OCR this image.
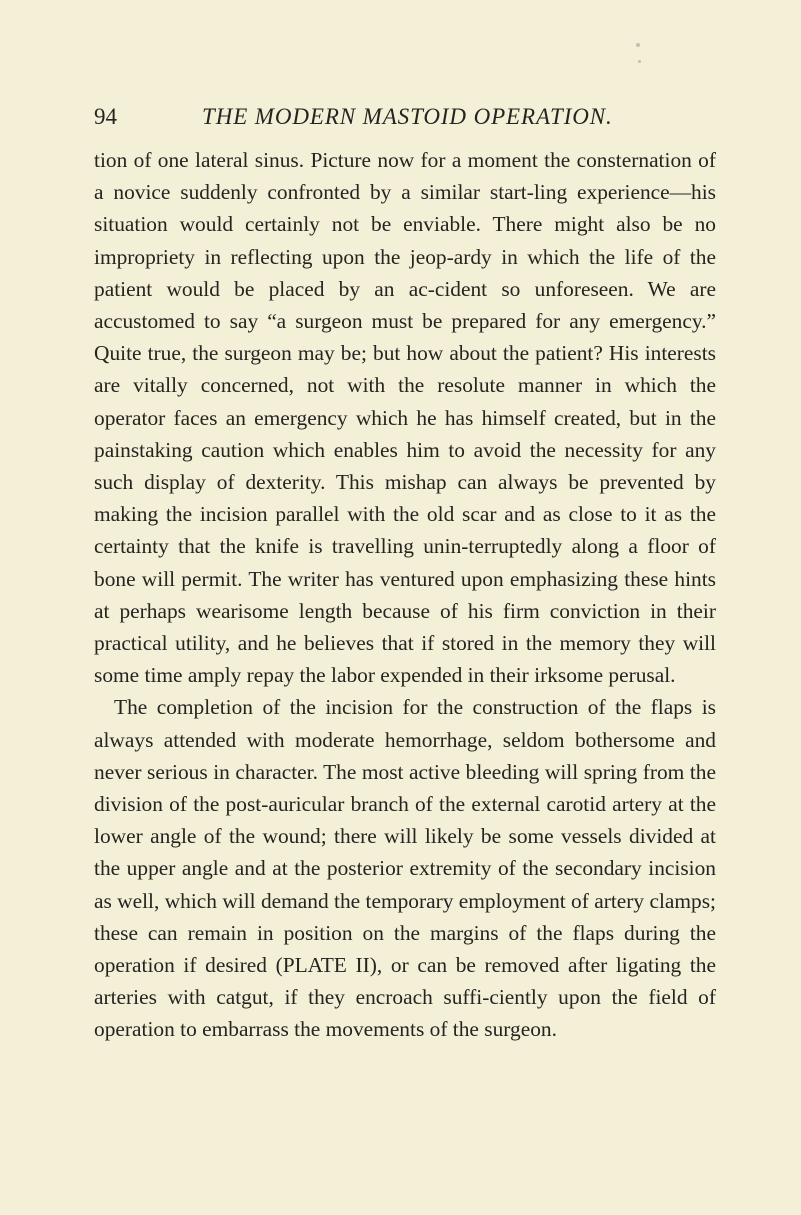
94	THE MODERN MASTOID OPERATION.

tion of one lateral sinus. Picture now for a moment the consternation of a novice suddenly confronted by a similar start-ling experience—his situation would certainly not be enviable. There might also be no impropriety in reflecting upon the jeop-ardy in which the life of the patient would be placed by an ac-cident so unforeseen. We are accustomed to say “a surgeon must be prepared for any emergency.” Quite true, the surgeon may be; but how about the patient? His interests are vitally concerned, not with the resolute manner in which the operator faces an emergency which he has himself created, but in the painstaking caution which enables him to avoid the necessity for any such display of dexterity. This mishap can always be prevented by making the incision parallel with the old scar and as close to it as the certainty that the knife is travelling unin-terruptedly along a floor of bone will permit. The writer has ventured upon emphasizing these hints at perhaps wearisome length because of his firm conviction in their practical utility, and he believes that if stored in the memory they will some time amply repay the labor expended in their irksome perusal.

The completion of the incision for the construction of the flaps is always attended with moderate hemorrhage, seldom bothersome and never serious in character. The most active bleeding will spring from the division of the post-auricular branch of the external carotid artery at the lower angle of the wound; there will likely be some vessels divided at the upper angle and at the posterior extremity of the secondary incision as well, which will demand the temporary employment of artery clamps; these can remain in position on the margins of the flaps during the operation if desired (PLATE II), or can be removed after ligating the arteries with catgut, if they encroach suffi-ciently upon the field of operation to embarrass the movements of the surgeon.
